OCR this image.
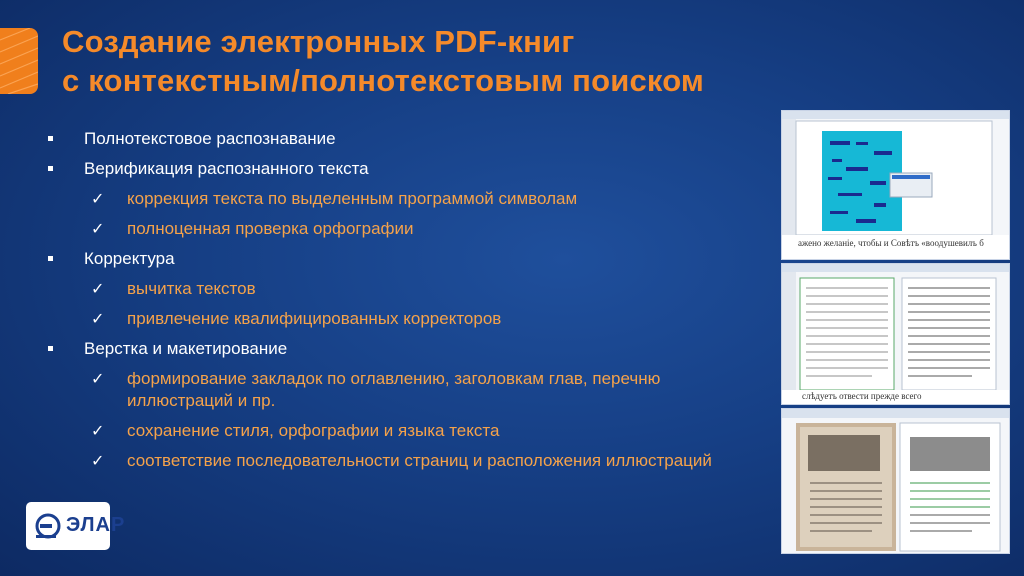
Создание электронных PDF-книг
с контекстным/полнотекстовым поиском
Полнотекстовое распознавание
Верификация распознанного текста
✓ коррекция текста по выделенным программой символам
✓ полноценная проверка орфографии
Корректура
✓ вычитка текстов
✓ привлечение квалифицированных корректоров
Верстка и макетирование
✓ формирование закладок по оглавлению, заголовкам глав, перечню иллюстраций и пр.
✓ сохранение стиля, орфографии и языка текста
✓ соответствие последовательности страниц и расположения иллюстраций
ажено желаніе, чтобы и Совѣтъ «воодушевилъ б
слѣдуетъ отвести прежде всего
ЭЛАР
